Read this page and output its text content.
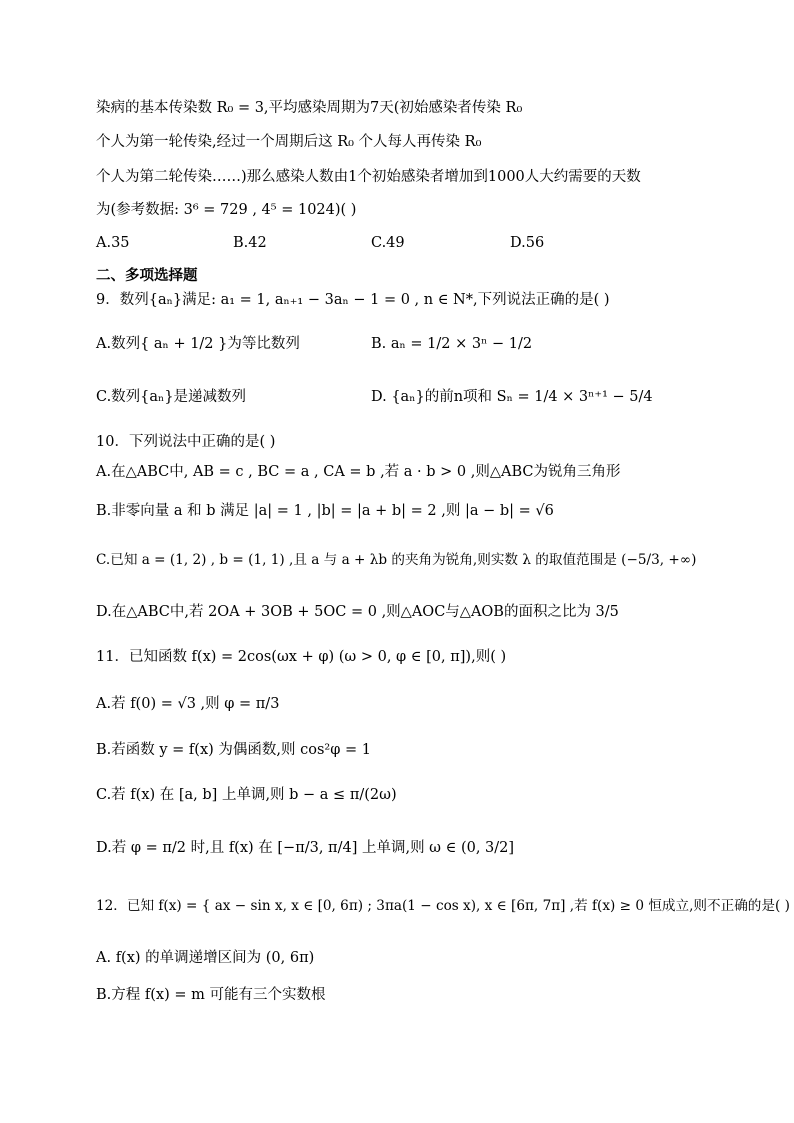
染病的基本传染数 R₀ = 3,平均感染周期为7天(初始感染者传染 R₀
个人为第一轮传染,经过一个周期后这 R₀ 个人每人再传染 R₀
个人为第二轮传染……)那么感染人数由1个初始感染者增加到1000人大约需要的天数
为(参考数据: 3⁶ = 729 , 4⁵ = 1024)( )
A.35	B.42	C.49	D.56
二、多项选择题
9．数列{aₙ}满足: a₁ = 1, aₙ₊₁ − 3aₙ − 1 = 0 , n ∈ N*,下列说法正确的是( )
A.数列{ aₙ + 1/2 }为等比数列	B. aₙ = 1/2 × 3ⁿ − 1/2
C.数列{aₙ}是递减数列	D. {aₙ}的前n项和 Sₙ = 1/4 × 3ⁿ⁺¹ − 5/4
10．下列说法中正确的是( )
A.在△ABC中, AB = c , BC = a , CA = b ,若 a · b > 0 ,则△ABC为锐角三角形
B.非零向量 a 和 b 满足 |a| = 1 , |b| = |a + b| = 2 ,则 |a − b| = √6
C.已知 a = (1, 2) , b = (1, 1) ,且 a 与 a + λb 的夹角为锐角,则实数 λ 的取值范围是 (−5/3, +∞)
D.在△ABC中,若 2OA + 3OB + 5OC = 0 ,则△AOC与△AOB的面积之比为 3/5
11．已知函数 f(x) = 2cos(ωx + φ) (ω > 0, φ ∈ [0, π]),则( )
A.若 f(0) = √3 ,则 φ = π/3
B.若函数 y = f(x) 为偶函数,则 cos²φ = 1
C.若 f(x) 在 [a, b] 上单调,则 b − a ≤ π/(2ω)
D.若 φ = π/2 时,且 f(x) 在 [−π/3, π/4] 上单调,则 ω ∈ (0, 3/2]
12．已知 f(x) = { ax − sin x, x ∈ [0, 6π) ; 3πa(1 − cos x), x ∈ [6π, 7π] ,若 f(x) ≥ 0 恒成立,则不正确的是( )
A. f(x) 的单调递增区间为 (0, 6π)
B.方程 f(x) = m 可能有三个实数根
